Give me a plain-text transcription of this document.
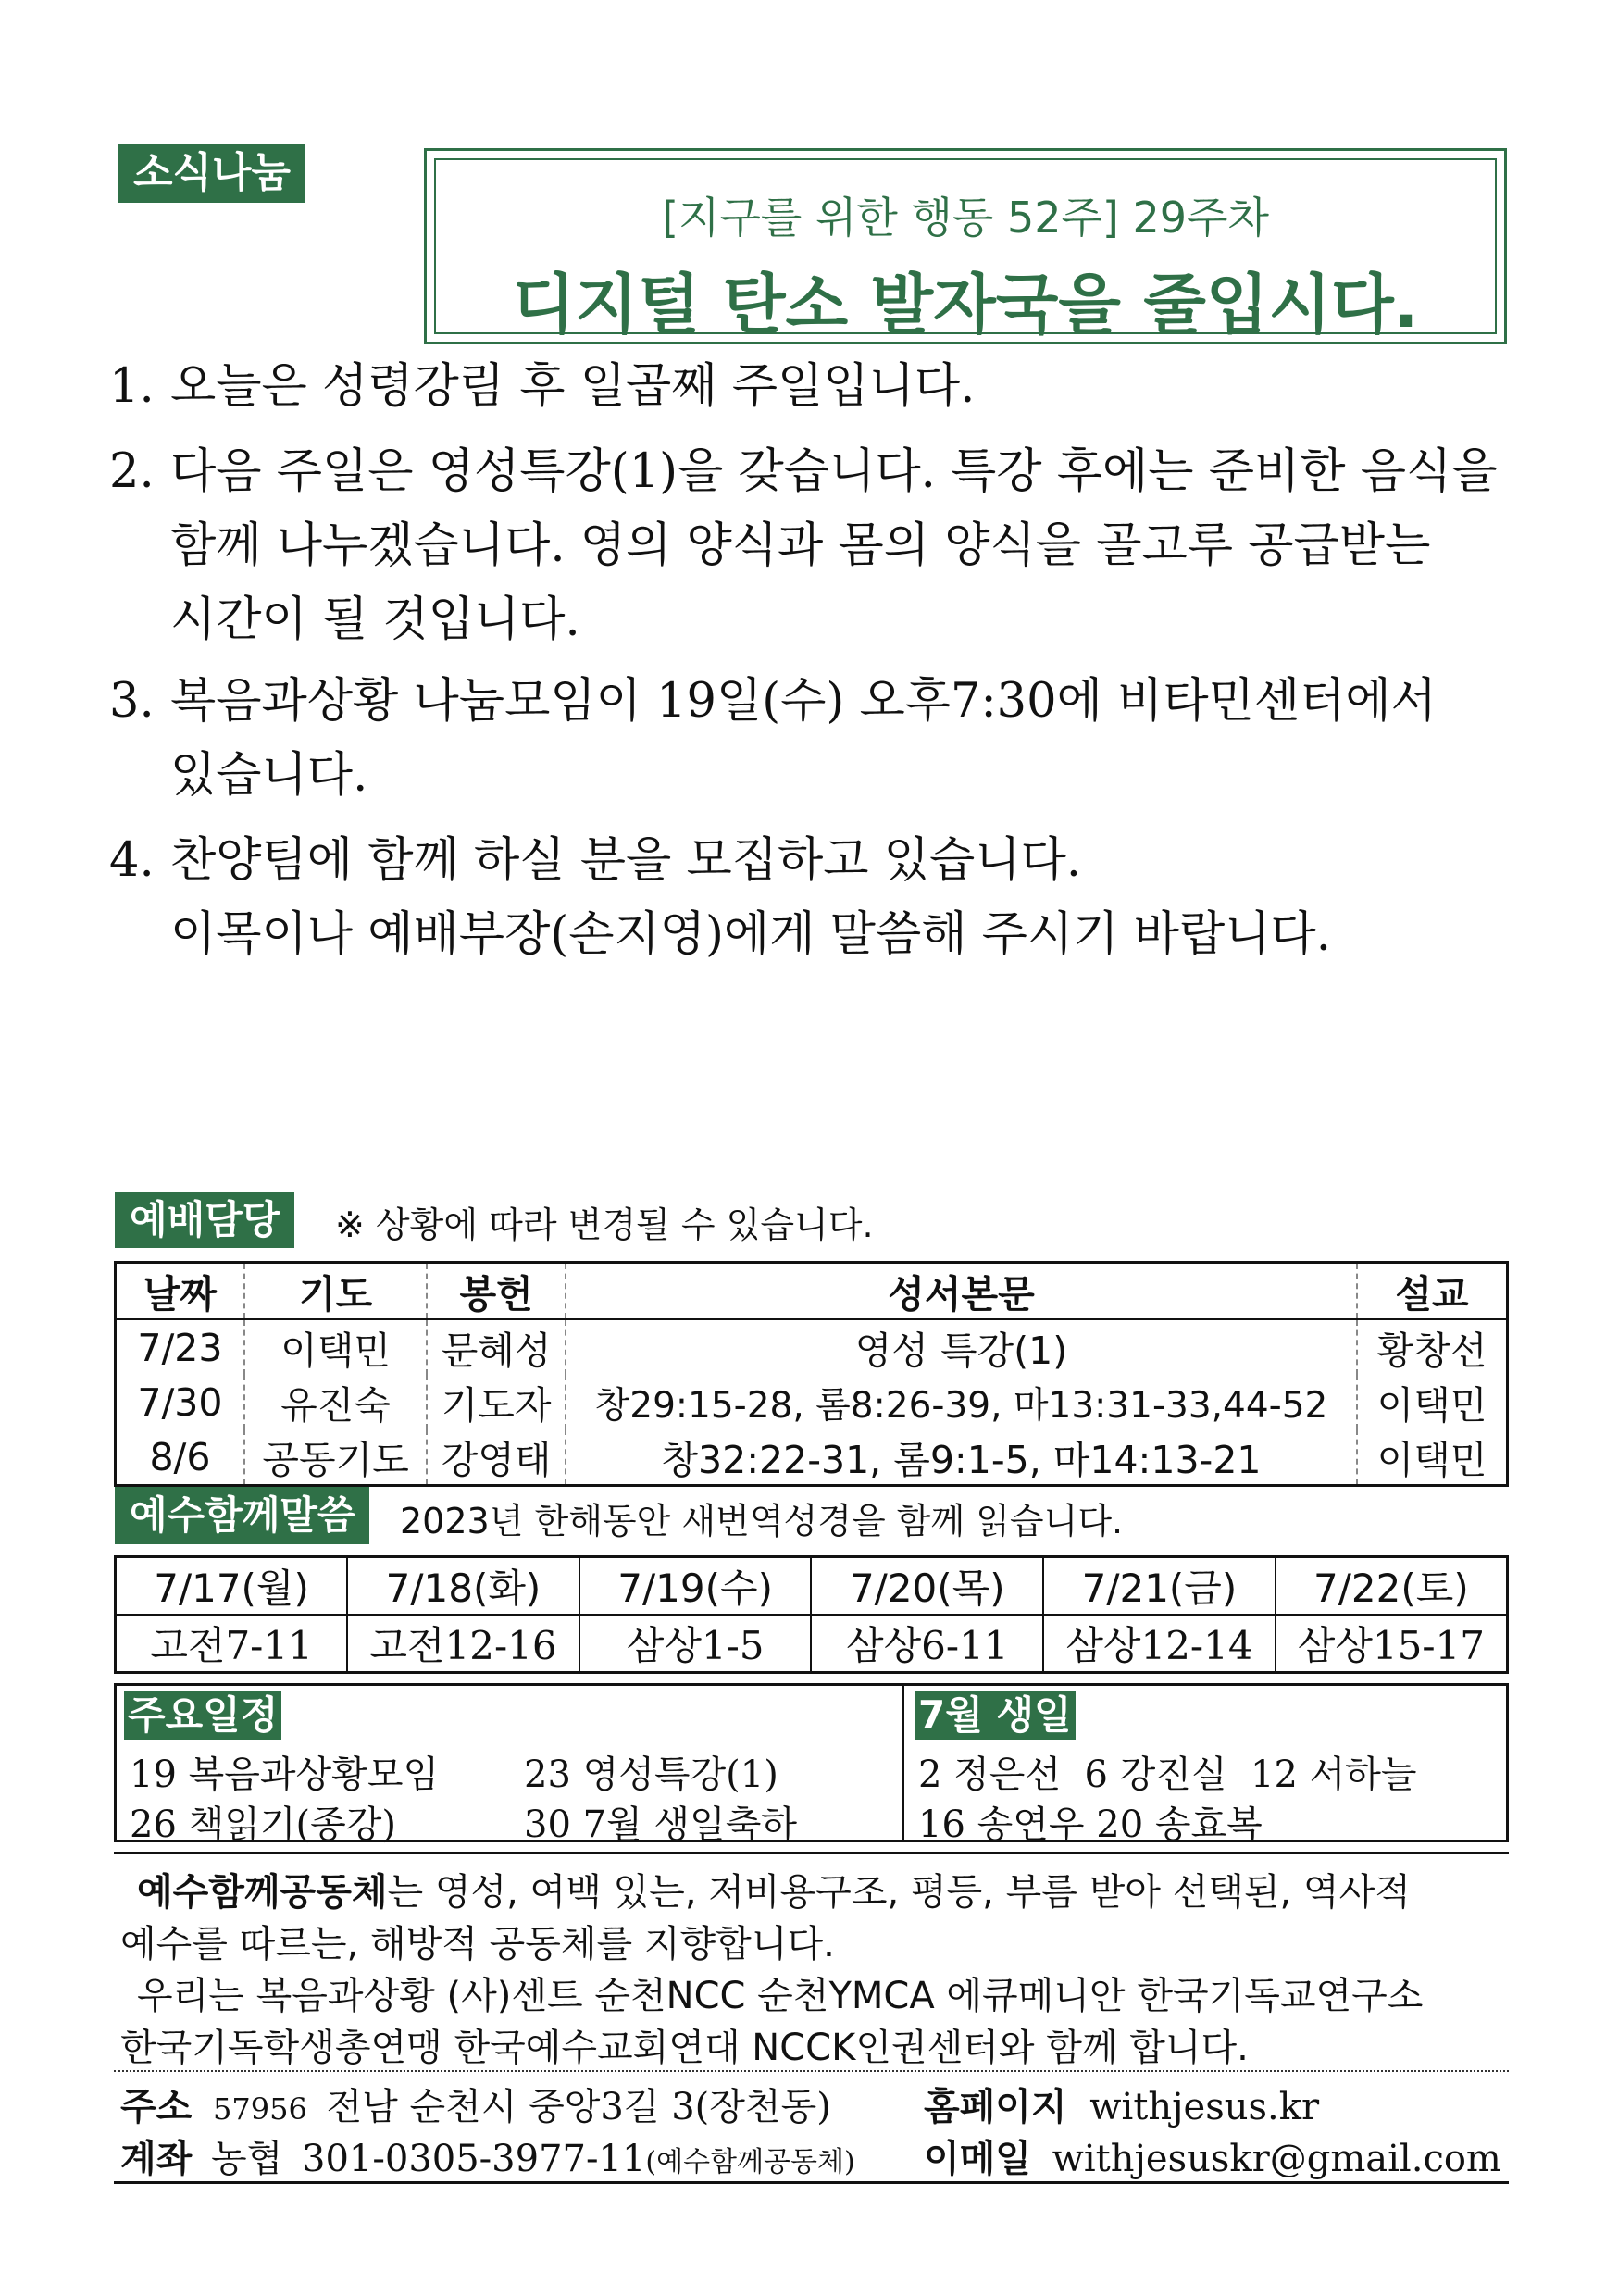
소식나눔
[지구를 위한 행동 52주] 29주차
디지털 탄소 발자국을 줄입시다.
1. 오늘은 성령강림 후 일곱째 주일입니다.
2. 다음 주일은 영성특강(1)을 갖습니다. 특강 후에는 준비한 음식을
함께 나누겠습니다. 영의 양식과 몸의 양식을 골고루 공급받는
시간이 될 것입니다.
3. 복음과상황 나눔모임이 19일(수) 오후7:30에 비타민센터에서
있습니다.
4. 찬양팀에 함께 하실 분을 모집하고 있습니다.
이목이나 예배부장(손지영)에게 말씀해 주시기 바랍니다.
예배담당	※ 상황에 따라 변경될 수 있습니다.
날짜	기도	봉헌	성서본문	설교
7/23	이택민	문혜성	영성 특강(1)	황창선
7/30	유진숙	기도자	창29:15-28, 롬8:26-39, 마13:31-33,44-52	이택민
8/6	공동기도	강영태	창32:22-31, 롬9:1-5, 마14:13-21	이택민
예수함께말씀	2023년 한해동안 새번역성경을 함께 읽습니다.
7/17(월)	7/18(화)	7/19(수)	7/20(목)	7/21(금)	7/22(토)
고전7-11	고전12-16	삼상1-5	삼상6-11	삼상12-14	삼상15-17
주요일정
19 복음과상황모임 23 영성특강(1)
26 책읽기(종강)	30 7월 생일축하
7월 생일
2 정은선  6 강진실  12 서하늘
16 송연우 20 송효복
예수함께공동체는 영성, 여백 있는, 저비용구조, 평등, 부름 받아 선택된, 역사적
예수를 따르는, 해방적 공동체를 지향합니다.
우리는 복음과상황 (사)센트 순천NCC 순천YMCA 에큐메니안 한국기독교연구소
한국기독학생총연맹 한국예수교회연대 NCCK인권센터와 함께 합니다.
주소 57956 전남 순천시 중앙3길 3(장천동)	홈페이지 withjesus.kr
계좌 농협 301-0305-3977-11(예수함께공동체) 이메일 withjesuskr@gmail.com
